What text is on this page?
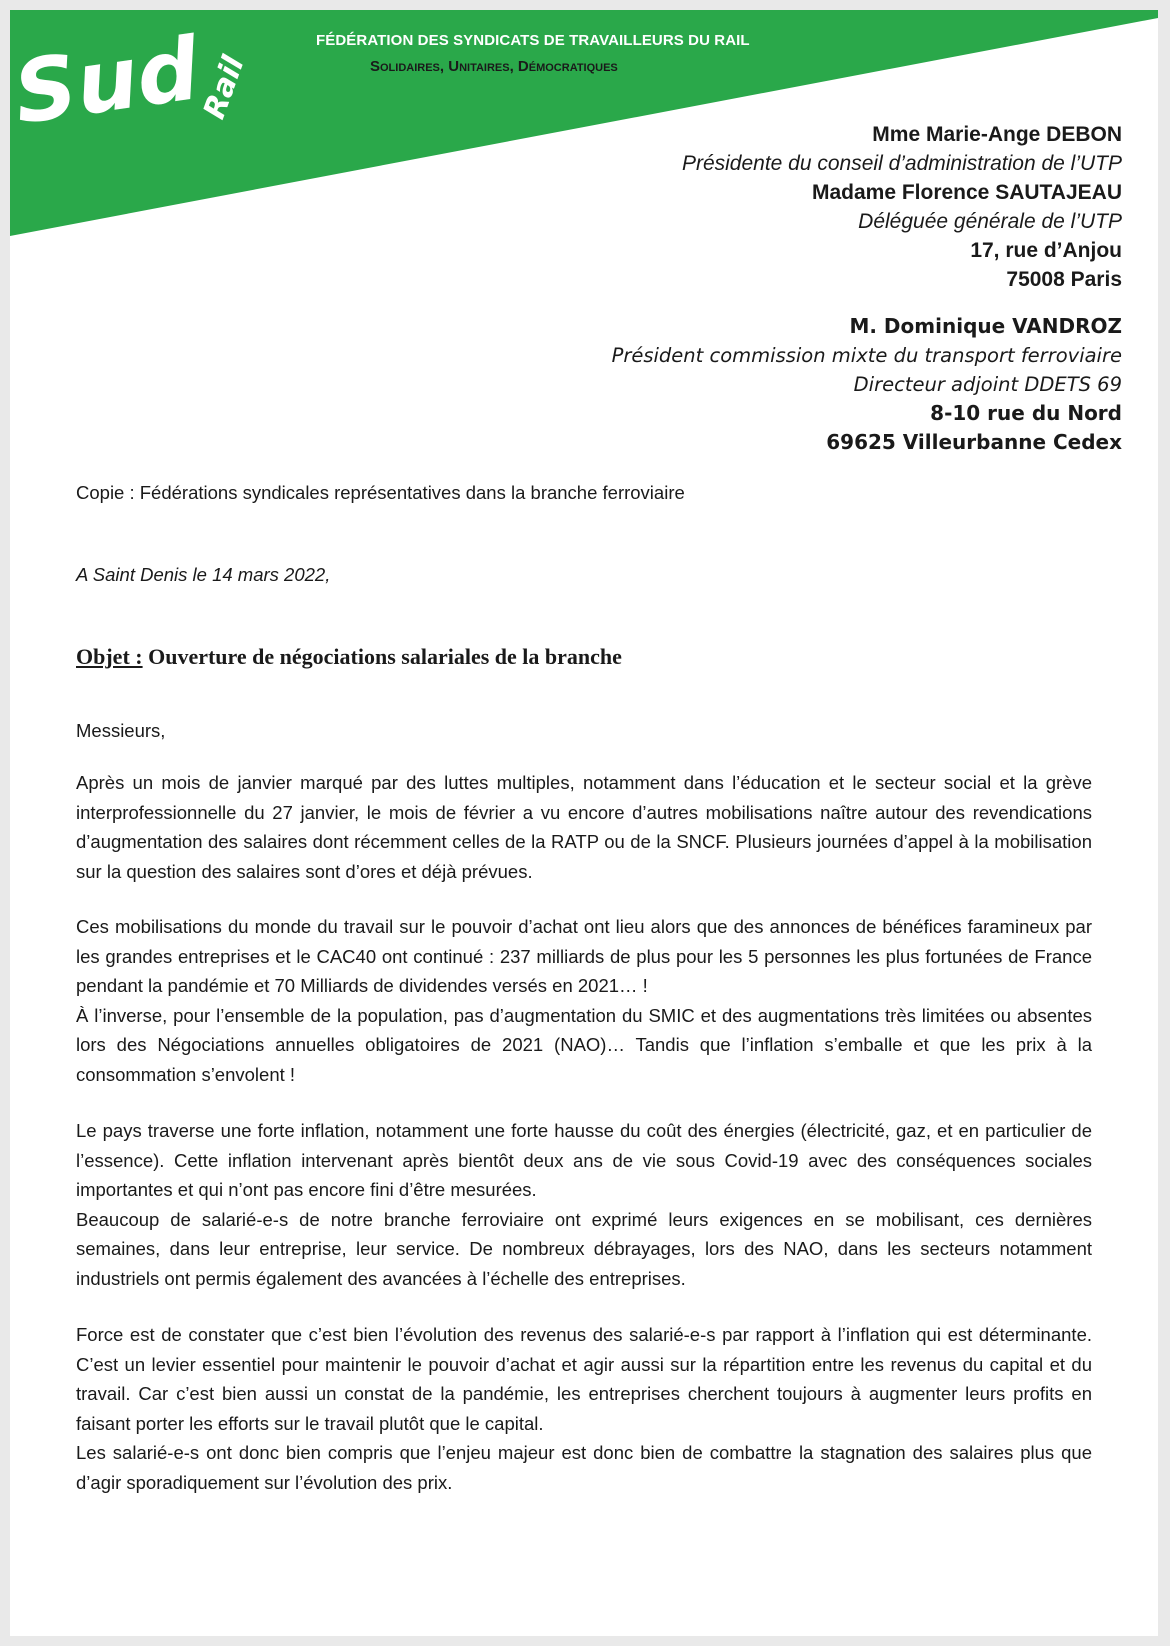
Sud
Rail
FÉDÉRATION DES SYNDICATS DE TRAVAILLEURS DU RAIL
Solidaires, Unitaires, Démocratiques
Mme Marie-Ange DEBON
Présidente du conseil d’administration de l’UTP
Madame Florence SAUTAJEAU
Déléguée générale de l’UTP
17, rue d’Anjou
75008 Paris
M. Dominique VANDROZ
Président commission mixte du transport ferroviaire
Directeur adjoint DDETS 69
8-10 rue du Nord
69625 Villeurbanne Cedex
Copie : Fédérations syndicales représentatives dans la branche ferroviaire
A Saint Denis le 14 mars 2022,
Objet : Ouverture de négociations salariales de la branche
Messieurs,
Après un mois de janvier marqué par des luttes multiples, notamment dans l’éducation et le secteur social et la grève interprofessionnelle du 27 janvier, le mois de février a vu encore d’autres mobilisations naître autour des revendications d’augmentation des salaires dont récemment celles de la RATP ou de la SNCF. Plusieurs journées d’appel à la mobilisation sur la question des salaires sont d’ores et déjà prévues.
Ces mobilisations du monde du travail sur le pouvoir d’achat ont lieu alors que des annonces de bénéfices faramineux par les grandes entreprises et le CAC40 ont continué : 237 milliards de plus pour les 5 personnes les plus fortunées de France pendant la pandémie et 70 Milliards de dividendes versés en 2021… !
À l’inverse, pour l’ensemble de la population, pas d’augmentation du SMIC et des augmentations très limitées ou absentes lors des Négociations annuelles obligatoires de 2021 (NAO)… Tandis que l’inflation s’emballe et que les prix à la consommation s’envolent !
Le pays traverse une forte inflation, notamment une forte hausse du coût des énergies (électricité, gaz, et en particulier de l’essence). Cette inflation intervenant après bientôt deux ans de vie sous Covid-19 avec des conséquences sociales importantes et qui n’ont pas encore fini d’être mesurées.
Beaucoup de salarié-e-s de notre branche ferroviaire ont exprimé leurs exigences en se mobilisant, ces dernières semaines, dans leur entreprise, leur service. De nombreux débrayages, lors des NAO, dans les secteurs notamment industriels ont permis également des avancées à l’échelle des entreprises.
Force est de constater que c’est bien l’évolution des revenus des salarié-e-s par rapport à l’inflation qui est déterminante. C’est un levier essentiel pour maintenir le pouvoir d’achat et agir aussi sur la répartition entre les revenus du capital et du travail. Car c’est bien aussi un constat de la pandémie, les entreprises cherchent toujours à augmenter leurs profits en faisant porter les efforts sur le travail plutôt que le capital.
Les salarié-e-s ont donc bien compris que l’enjeu majeur est donc bien de combattre la stagnation des salaires plus que d’agir sporadiquement sur l’évolution des prix.
